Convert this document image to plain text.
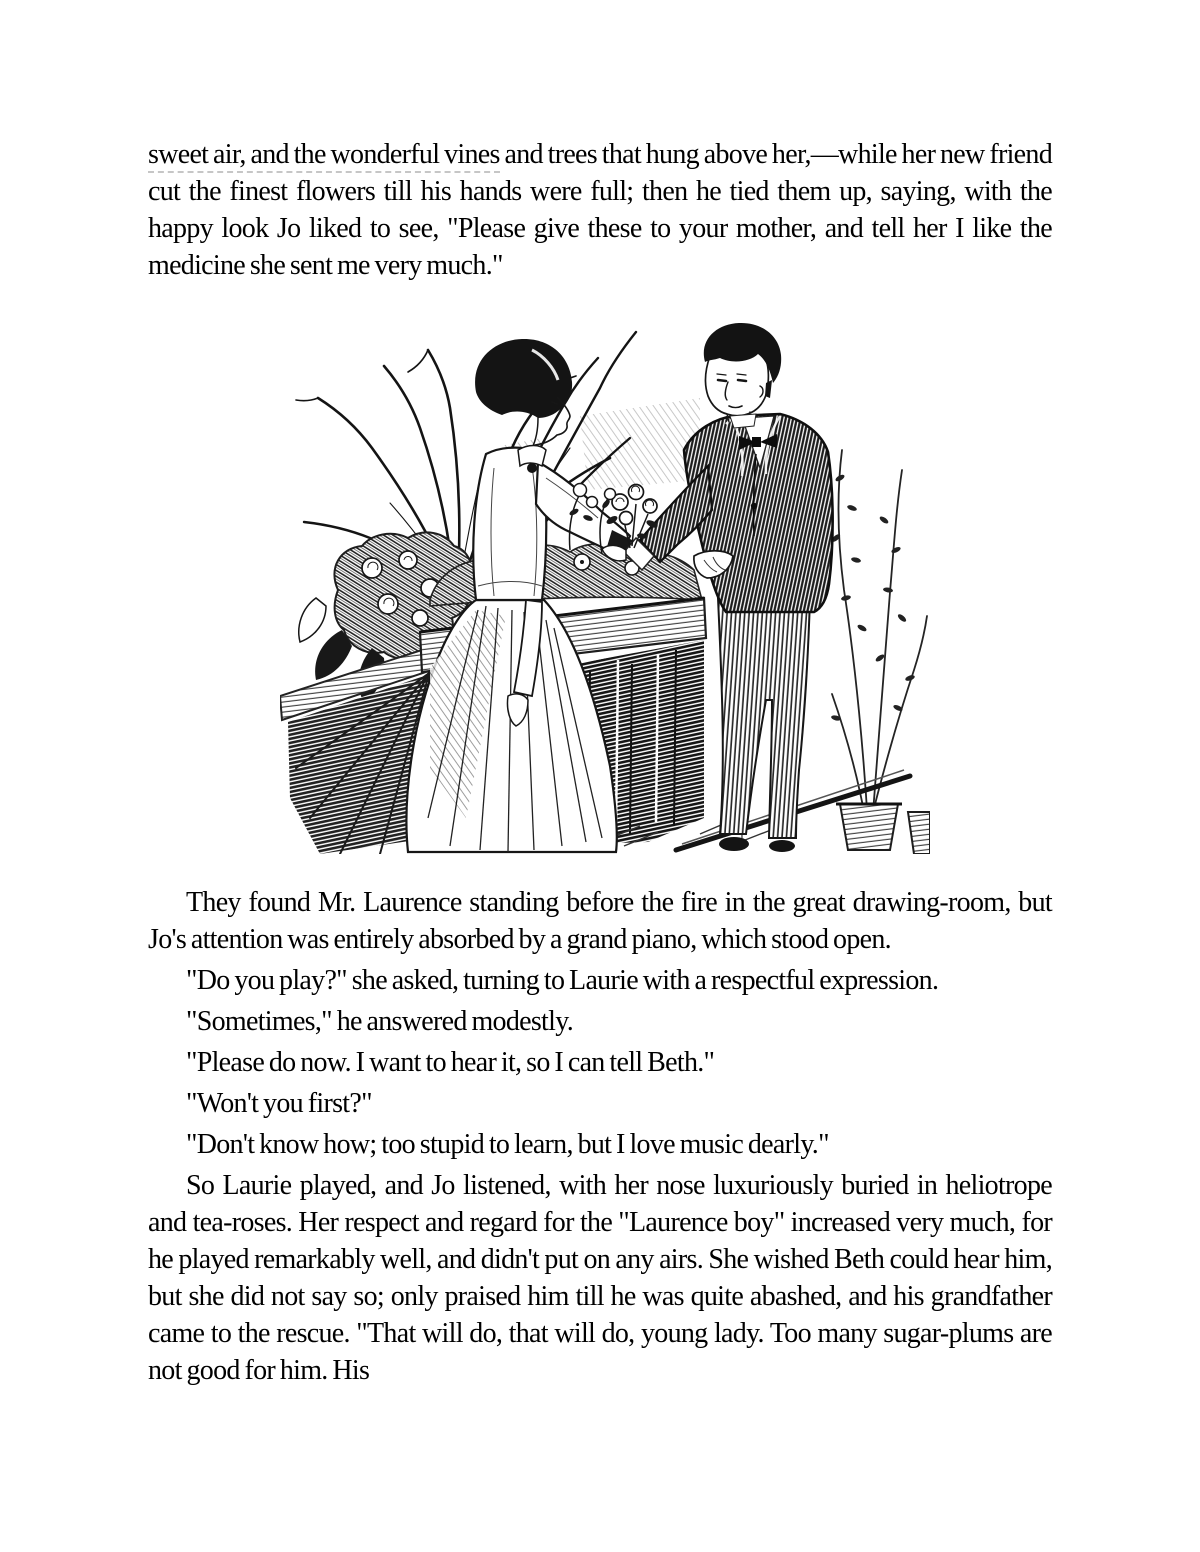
sweet air, and the wonderful vines and trees that hung above her,—while her new friend cut the finest flowers till his hands were full; then he tied them up, saying, with the happy look Jo liked to see, "Please give these to your mother, and tell her I like the medicine she sent me very much."

They found Mr. Laurence standing before the fire in the great drawing-room, but Jo's attention was entirely absorbed by a grand piano, which stood open.

"Do you play?" she asked, turning to Laurie with a respectful expression.

"Sometimes," he answered modestly.

"Please do now. I want to hear it, so I can tell Beth."

"Won't you first?"

"Don't know how; too stupid to learn, but I love music dearly."

So Laurie played, and Jo listened, with her nose luxuriously buried in heliotrope and tea-roses. Her respect and regard for the "Laurence boy" increased very much, for he played remarkably well, and didn't put on any airs. She wished Beth could hear him, but she did not say so; only praised him till he was quite abashed, and his grandfather came to the rescue. "That will do, that will do, young lady. Too many sugar-plums are not good for him. His
